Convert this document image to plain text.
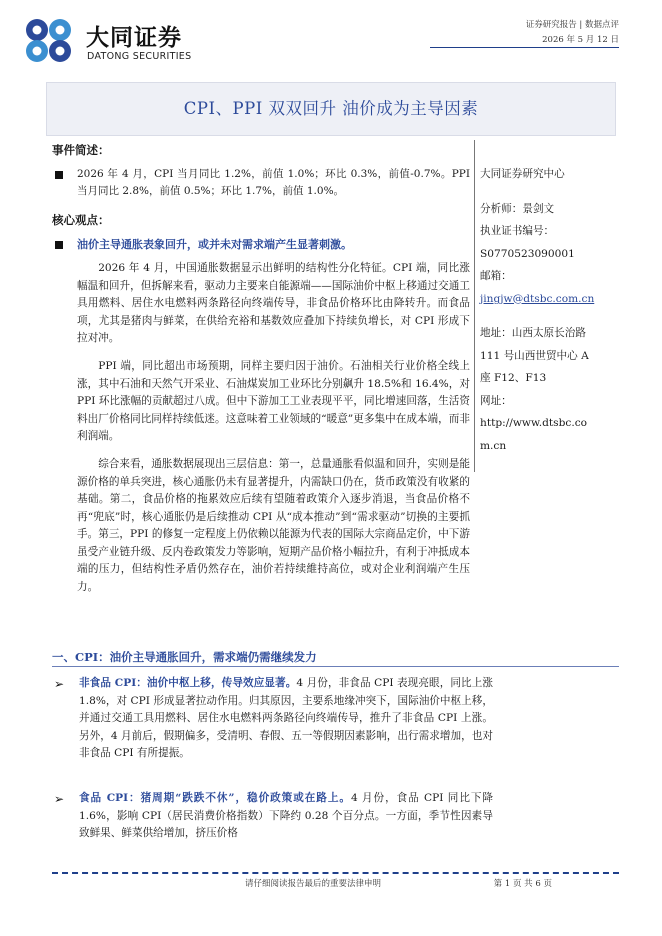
大同证券
DATONG SECURITIES
证券研究报告 | 数据点评
2026 年 5 月 12 日
CPI、PPI 双双回升 油价成为主导因素
事件简述：
2026 年 4 月，CPI 当月同比 1.2%，前值 1.0%；环比 0.3%，前值-0.7%。PPI 当月同比 2.8%，前值 0.5%；环比 1.7%，前值 1.0%。
核心观点：
油价主导通胀表象回升，或并未对需求端产生显著刺激。

2026 年 4 月，中国通胀数据显示出鲜明的结构性分化特征。CPI 端，同比涨幅温和回升，但拆解来看，驱动力主要来自能源端——国际油价中枢上移通过交通工具用燃料、居住水电燃料两条路径向终端传导，非食品价格环比由降转升。而食品项，尤其是猪肉与鲜菜，在供给充裕和基数效应叠加下持续负增长，对 CPI 形成下拉对冲。

PPI 端，同比超出市场预期，同样主要归因于油价。石油相关行业价格全线上涨，其中石油和天然气开采业、石油煤炭加工业环比分别飙升 18.5%和 16.4%，对 PPI 环比涨幅的贡献超过八成。但中下游加工工业表现平平，同比增速回落，生活资料出厂价格同比同样持续低迷。这意味着工业领域的“暖意”更多集中在成本端，而非利润端。

综合来看，通胀数据展现出三层信息：第一，总量通胀看似温和回升，实则是能源价格的单兵突进，核心通胀仍未有显著提升，内需缺口仍在，货币政策没有收紧的基础。第二，食品价格的拖累效应后续有望随着政策介入逐步消退，当食品价格不再“兜底”时，核心通胀仍是后续推动 CPI 从“成本推动”到“需求驱动”切换的主要抓手。第三，PPI 的修复一定程度上仍依赖以能源为代表的国际大宗商品定价，中下游虽受产业链升级、反内卷政策发力等影响，短期产品价格小幅拉升，有利于冲抵成本端的压力，但结构性矛盾仍然存在，油价若持续維持高位，或对企业利润端产生压力。

大同证券研究中心
分析师：景剑文
执业证书编号：
S0770523090001
邮箱：
jingjw@dtsbc.com.cn
地址：山西太原长治路
111 号山西世贸中心 A
座 F12、F13
网址：
http://www.dtsbc.co
m.cn
一、CPI：油价主导通胀回升，需求端仍需继续发力
➢ 非食品 CPI：油价中枢上移，传导效应显著。4 月份，非食品 CPI 表现亮眼，同比上涨 1.8%，对 CPI 形成显著拉动作用。归其原因，主要系地缘冲突下，国际油价中枢上移，并通过交通工具用燃料、居住水电燃料两条路径向终端传导，推升了非食品 CPI 上涨。另外，4 月前后，假期偏多，受清明、春假、五一等假期因素影响，出行需求增加，也对非食品 CPI 有所提振。
➢ 食品 CPI：猪周期“跌跌不休”，稳价政策或在路上。4 月份，食品 CPI 同比下降 1.6%，影响 CPI（居民消费价格指数）下降约 0.28 个百分点。一方面，季节性因素导致鲜果、鲜菜供给增加，挤压价格
请仔细阅读报告最后的重要法律申明	第 1 页 共 6 页
